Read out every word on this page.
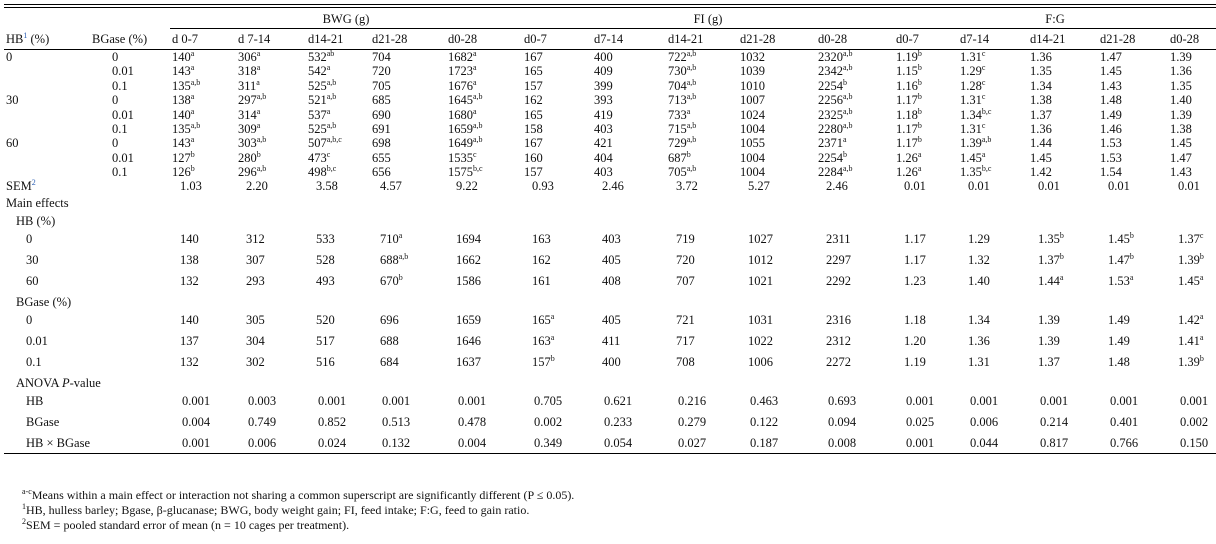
		BWG (g)					FI (g)					F:G				
$HB^1$ (%)	BGase (%)	d 0-7	d 7-14	d14-21	d21-28	d0-28	d0-7	d7-14	d14-21	d21-28	d0-28	d0-7	d7-14	d14-21	d21-28	d0-28
0	0	140$^a$	306$^a$	$532^{ab}$	704	1682$^a$	167	400	722$^{a,b}$	1032	2320$^{a,b}$	1.19$^b$	1.31$^c$	1.36	1.47	1.39
	0.01	143$^a$	318$^a$	542$^a$	720	1723$^a$	165	409	730$^{a,b}$	1039	2342$^{a,b}$	1.15$^b$	1.29$^c$	1.35	1.45	1.36
	0.1	135$^{a,b}$	311$^a$	525$^{a,b}$	705	1676$^a$	157	399	704$^{a,b}$	1010	2254$^b$	1.16$^b$	1.28$^c$	1.34	1.43	1.35
30	0	138$^a$	297$^{a,b}$	521$^{a,b}$	685	1645$^{a,b}$	162	393	713$^{a,b}$	1007	2256$^{a,b}$	1.17$^b$	1.31$^c$	1.38	1.48	1.40
	0.01	140$^a$	314$^a$	537$^a$	690	1680$^a$	165	419	733$^a$	1024	2325$^{a,b}$	1.18$^b$	1.34$^{b,c}$	1.37	1.49	1.39
	0.1	135$^{a,b}$	309$^a$	525$^{a,b}$	691	1659$^{a,b}$	158	403	715$^{a,b}$	1004	2280$^{a,b}$	1.17$^b$	1.31$^c$	1.36	1.46	1.38
60	0	143$^a$	303$^{a,b}$	507$^{a,b,c}$	698	1649$^{a,b}$	167	421	729$^{a,b}$	1055	2371$^a$	1.17$^b$	1.39$^{a,b}$	1.44	1.53	1.45
	0.01	127$^b$	280$^b$	473$^c$	655	1535$^c$	160	404	687$^b$	1004	2254$^b$	1.26$^a$	1.45$^a$	1.45	1.53	1.47
	0.1	126$^b$	296$^{a,b}$	498$^{b,c}$	656	1575$^{b,c}$	157	403	705$^{a,b}$	1004	2284$^{a,b}$	1.26$^a$	1.35$^{b,c}$	1.42	1.54	1.43
SEM$^2$		1.03	2.20	3.58	4.57	9.22	0.93	2.46	3.72	5.27	2.46	0.01	0.01	0.01	0.01	0.01
Main effects																
HB (%)																
0		140	312	533	710$^a$	1694	163	403	719	1027	2311	1.17	1.29	1.35$^b$	1.45$^b$	1.37$^c$
30		138	307	528	688$^{a,b}$	1662	162	405	720	1012	2297	1.17	1.32	1.37$^b$	1.47$^b$	1.39$^b$
60		132	293	493	670$^b$	1586	161	408	707	1021	2292	1.23	1.40	1.44$^a$	1.53$^a$	1.45$^a$
BGase (%)																
0		140	305	520	696	1659	165$^a$	405	721	1031	2316	1.18	1.34	1.39	1.49	1.42$^a$
0.01		137	304	517	688	1646	163$^a$	411	717	1022	2312	1.20	1.36	1.39	1.49	1.41$^a$
0.1		132	302	516	684	1637	157$^b$	400	708	1006	2272	1.19	1.31	1.37	1.48	1.39$^b$
ANOVA P-value																
HB		0.001	0.003	0.001	0.001	0.001	0.705	0.621	0.216	0.463	0.693	0.001	0.001	0.001	0.001	0.001
BGase		0.004	0.749	0.852	0.513	0.478	0.002	0.233	0.279	0.122	0.094	0.025	0.006	0.214	0.401	0.002
HB × BGase		0.001	0.006	0.024	0.132	0.004	0.349	0.054	0.027	0.187	0.008	0.001	0.044	0.817	0.766	0.150
$^{a-c}$Means within a main effect or interaction not sharing a common superscript are significantly different (P ≤ 0.05).
$^1$HB, hulless barley; Bgase, β-glucanase; BWG, body weight gain; FI, feed intake; F:G, feed to gain ratio.
$^2$SEM = pooled standard error of mean (n = 10 cages per treatment).
